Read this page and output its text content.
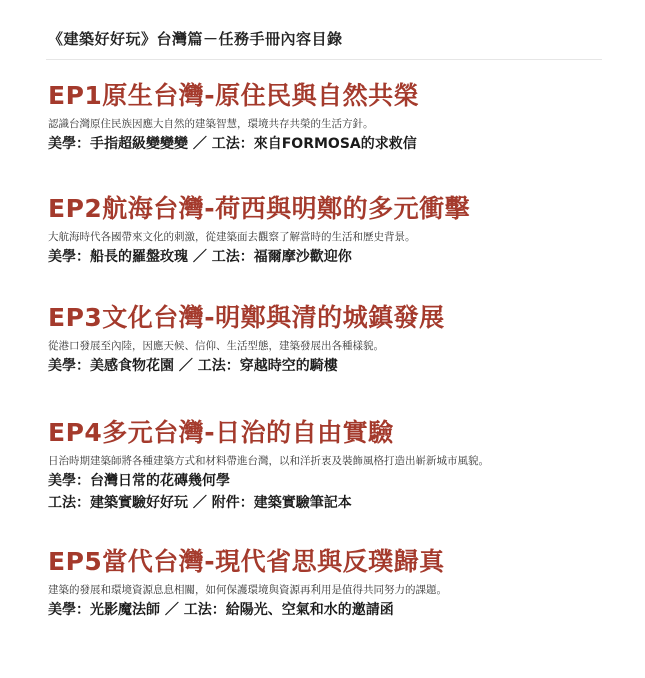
《建築好好玩》台灣篇－任務手冊內容目錄
EP1原生台灣-原住民與自然共榮
認識台灣原住民族因應大自然的建築智慧，環境共存共榮的生活方針。
美學：手指超級變變變 ／ 工法：來自FORMOSA的求救信
EP2航海台灣-荷西與明鄭的多元衝擊
大航海時代各國帶來文化的刺激，從建築面去觀察了解當時的生活和歷史背景。
美學：船長的羅盤玫瑰 ／ 工法：福爾摩沙歡迎你
EP3文化台灣-明鄭與清的城鎮發展
從港口發展至內陸，因應天候、信仰、生活型態，建築發展出各種樣貌。
美學：美感食物花園 ／ 工法：穿越時空的騎樓
EP4多元台灣-日治的自由實驗
日治時期建築師將各種建築方式和材料帶進台灣，以和洋折衷及裝飾風格打造出嶄新城市風貌。
美學：台灣日常的花磚幾何學
工法：建築實驗好好玩 ／ 附件：建築實驗筆記本
EP5當代台灣-現代省思與反璞歸真
建築的發展和環境資源息息相關，如何保護環境與資源再利用是值得共同努力的課題。
美學：光影魔法師 ／ 工法：給陽光、空氣和水的邀請函
